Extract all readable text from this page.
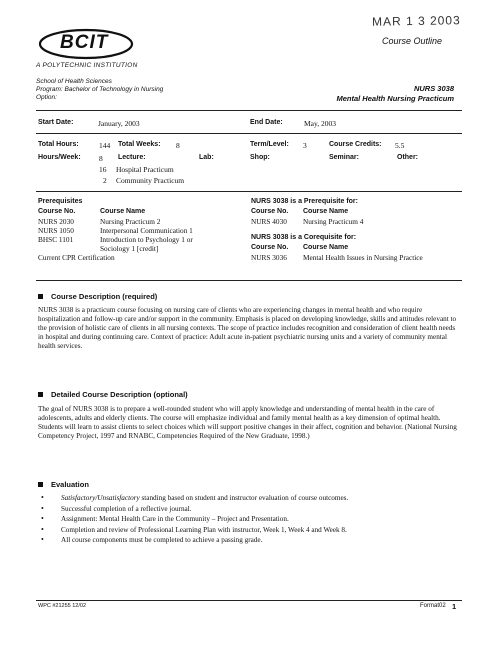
MAR 1 3 2003
BCIT	Course Outline
A POLYTECHNIC INSTITUTION
School of Health Sciences
Program: Bachelor of Technology in Nursing
Option:
NURS 3038
Mental Health Nursing Practicum
Start Date:	January, 2003	End Date:	May, 2003
Total Hours:	144 Total Weeks: 8	Term/Level: 3	Course Credits: 5.5
Hours/Week: 8 Lecture:	Lab:	Shop:	Seminar:	Other:
16 Hospital Practicum
2 Community Practicum
Prerequisites
Course No.	Course Name
NURS 2030	Nursing Practicum 2
NURS 1050	Interpersonal Communication 1
BHSC 1101	Introduction to Psychology 1 or
Sociology 1 [credit]
Current CPR Certification
NURS 3038 is a Prerequisite for:
Course No.	Course Name
NURS 4030	Nursing Practicum 4
NURS 3038 is a Corequisite for:
Course No.	Course Name
NURS 3036	Mental Health Issues in Nursing Practice
Course Description (required)
NURS 3038 is a practicum course focusing on nursing care of clients who are experiencing changes in mental health and who require hospitalization and follow-up care and/or support in the community. Emphasis is placed on developing knowledge, skills and attitudes relevant to the provision of holistic care of clients in all nursing contexts. The scope of practice includes recognition and consideration of client health needs in hospital and during continuing care. Context of practice: Adult acute in-patient psychiatric nursing units and a variety of community mental health services.
Detailed Course Description (optional)
The goal of NURS 3038 is to prepare a well-rounded student who will apply knowledge and understanding of mental health in the care of adolescents, adults and elderly clients. The course will emphasize individual and family mental health as a key dimension of optimal health. Students will learn to assist clients to select choices which will support positive changes in their affect, cognition and behavior. (National Nursing Competency Project, 1997 and RNABC, Competencies Required of the New Graduate, 1998.)
Evaluation
• Satisfactory/Unsatisfactory standing based on student and instructor evaluation of course outcomes.
• Successful completion of a reflective journal.
• Assignment: Mental Health Care in the Community – Project and Presentation.
• Completion and review of Professional Learning Plan with instructor, Week 1, Week 4 and Week 8.
• All course components must be completed to achieve a passing grade.
WPC #21255 12/02	Format02 1
